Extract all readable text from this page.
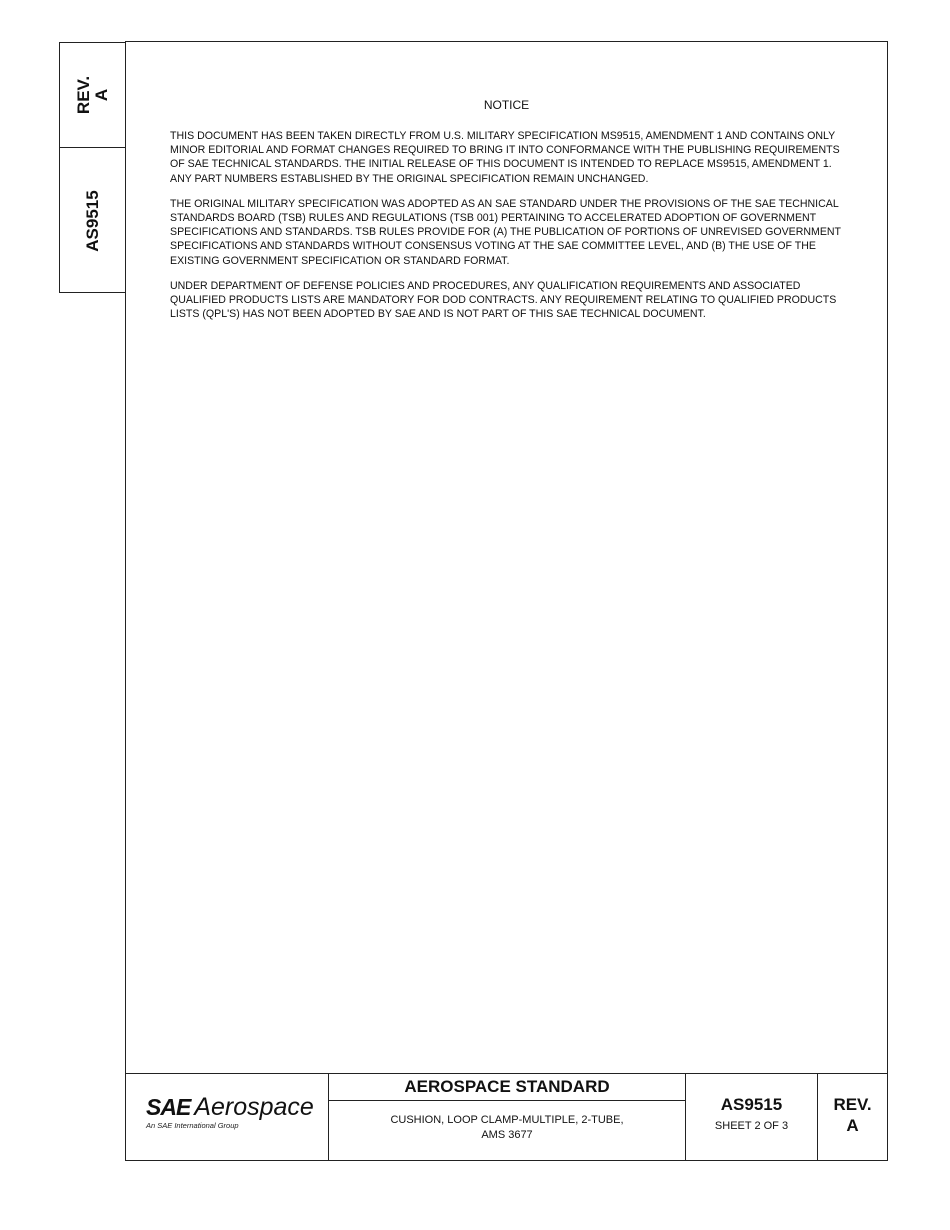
REV. A
AS9515
NOTICE

THIS DOCUMENT HAS BEEN TAKEN DIRECTLY FROM U.S. MILITARY SPECIFICATION MS9515, AMENDMENT 1 AND CONTAINS ONLY MINOR EDITORIAL AND FORMAT CHANGES REQUIRED TO BRING IT INTO CONFORMANCE WITH THE PUBLISHING REQUIREMENTS OF SAE TECHNICAL STANDARDS. THE INITIAL RELEASE OF THIS DOCUMENT IS INTENDED TO REPLACE MS9515, AMENDMENT 1. ANY PART NUMBERS ESTABLISHED BY THE ORIGINAL SPECIFICATION REMAIN UNCHANGED.

THE ORIGINAL MILITARY SPECIFICATION WAS ADOPTED AS AN SAE STANDARD UNDER THE PROVISIONS OF THE SAE TECHNICAL STANDARDS BOARD (TSB) RULES AND REGULATIONS (TSB 001) PERTAINING TO ACCELERATED ADOPTION OF GOVERNMENT SPECIFICATIONS AND STANDARDS. TSB RULES PROVIDE FOR (A) THE PUBLICATION OF PORTIONS OF UNREVISED GOVERNMENT SPECIFICATIONS AND STANDARDS WITHOUT CONSENSUS VOTING AT THE SAE COMMITTEE LEVEL, AND (B) THE USE OF THE EXISTING GOVERNMENT SPECIFICATION OR STANDARD FORMAT.

UNDER DEPARTMENT OF DEFENSE POLICIES AND PROCEDURES, ANY QUALIFICATION REQUIREMENTS AND ASSOCIATED QUALIFIED PRODUCTS LISTS ARE MANDATORY FOR DOD CONTRACTS. ANY REQUIREMENT RELATING TO QUALIFIED PRODUCTS LISTS (QPL'S) HAS NOT BEEN ADOPTED BY SAE AND IS NOT PART OF THIS SAE TECHNICAL DOCUMENT.

SAE Aerospace
An SAE International Group
AEROSPACE STANDARD
CUSHION, LOOP CLAMP-MULTIPLE, 2-TUBE,
AMS 3677
AS9515
SHEET 2 OF 3
REV.
A
